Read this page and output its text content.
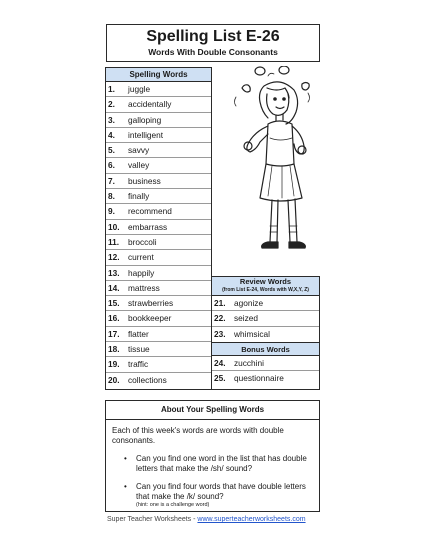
Spelling List E-26
Words With Double Consonants
Spelling Words
1. juggle
2. accidentally
3. galloping
4. intelligent
5. savvy
6. valley
7. business
8. finally
9. recommend
10. embarrass
11. broccoli
12. current
13. happily
14. mattress
15. strawberries
16. bookkeeper
17. flatter
18. tissue
19. traffic
20. collections
Review Words
(from List E-24, Words with W,X,Y, Z)
21. agonize
22. seized
23. whimsical
Bonus Words
24. zucchini
25. questionnaire
About Your Spelling Words
Each of this week's words are words with double consonants.
• Can you find one word in the list that has double letters that make the /sh/ sound?
• Can you find four words that have double letters that make the /k/ sound?
(hint: one is a challenge word)
Super Teacher Worksheets - www.superteacherworksheets.com
